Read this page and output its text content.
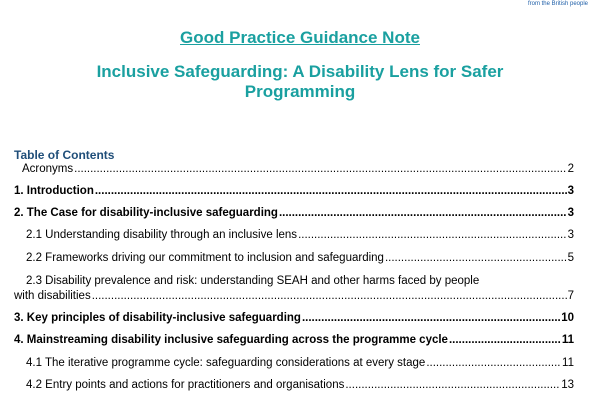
from the British people
Good Practice Guidance Note
Inclusive Safeguarding: A Disability Lens for Safer
Programming
Table of Contents
Acronyms .....	2
1. Introduction .....	3
2. The Case for disability-inclusive safeguarding .....	3
2.1 Understanding disability through an inclusive lens .....	3
2.2 Frameworks driving our commitment to inclusion and safeguarding .....	5
2.3 Disability prevalence and risk: understanding SEAH and other harms faced by people
with disabilities .....	7
3. Key principles of disability-inclusive safeguarding .....	10
4. Mainstreaming disability inclusive safeguarding across the programme cycle .....	11
4.1 The iterative programme cycle: safeguarding considerations at every stage .....	11
4.2 Entry points and actions for practitioners and organisations .....	13
